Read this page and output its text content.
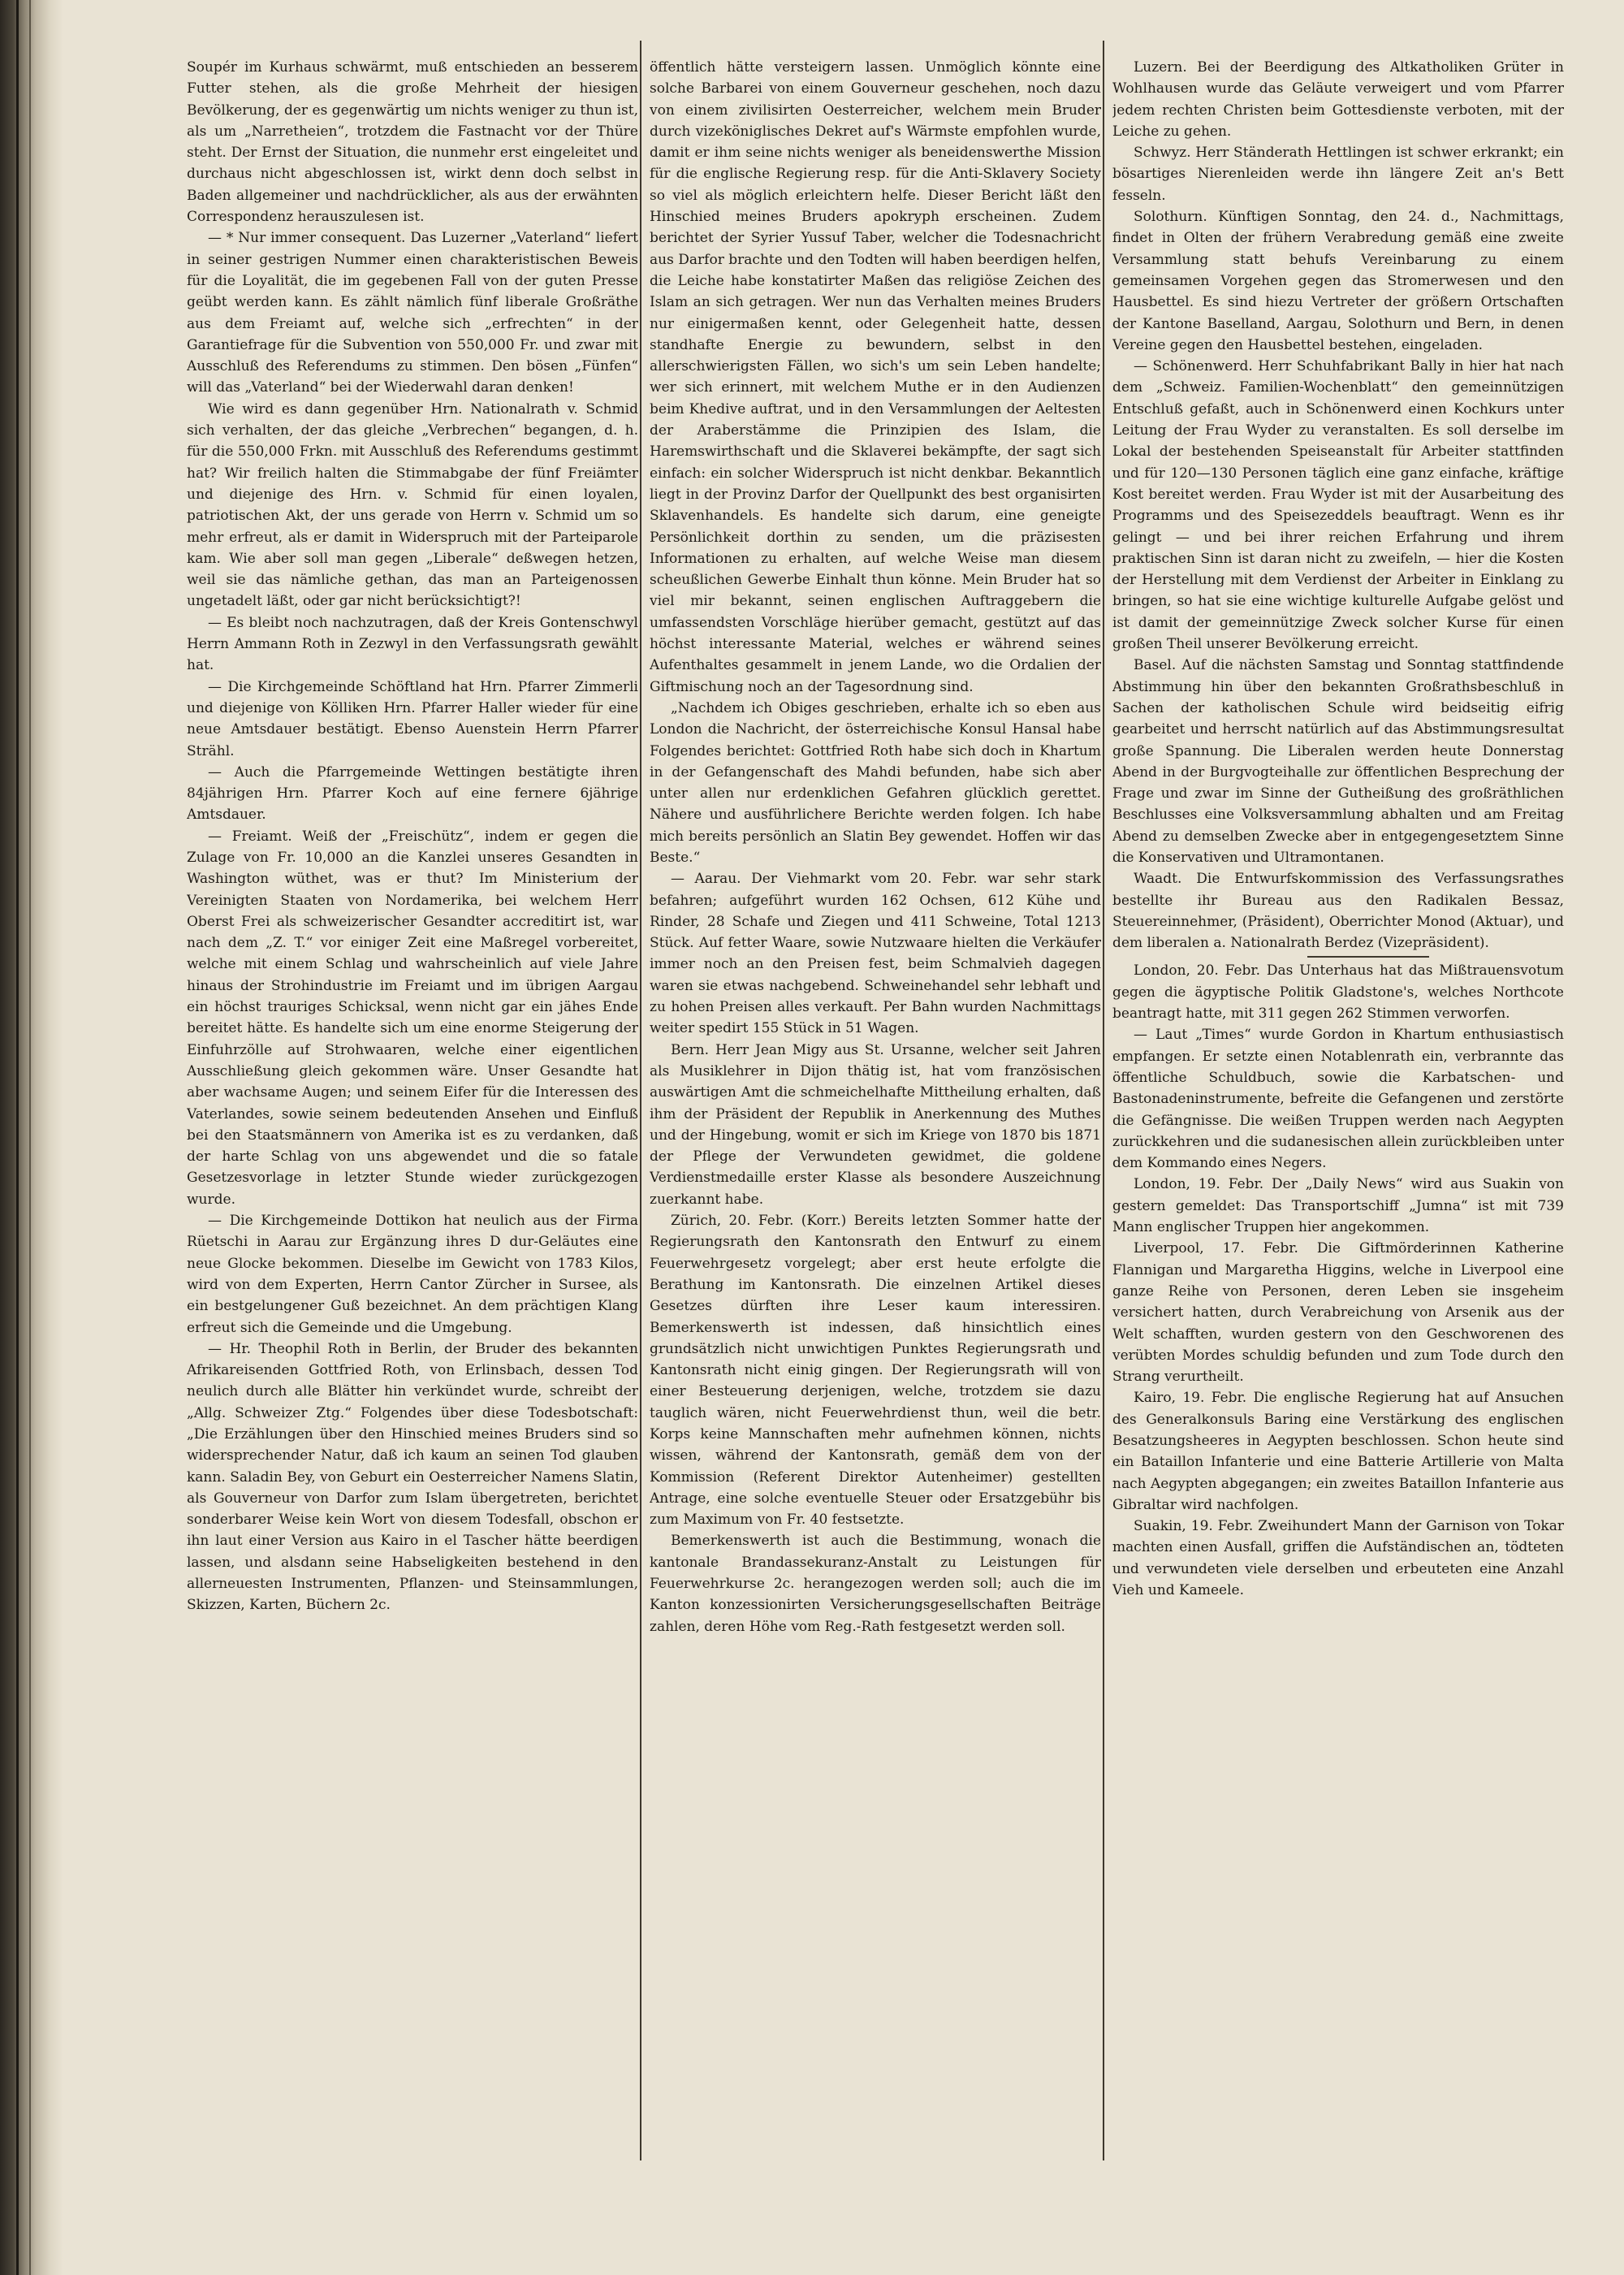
Soupér im Kurhaus schwärmt, muß entschieden an besserem Futter stehen, als die große Mehrheit der hiesigen Bevölkerung, der es gegenwärtig um nichts weniger zu thun ist, als um „Narretheien“, trotzdem die Fastnacht vor der Thüre steht. Der Ernst der Situation, die nunmehr erst eingeleitet und durchaus nicht abgeschlossen ist, wirkt denn doch selbst in Baden allgemeiner und nachdrücklicher, als aus der erwähnten Correspondenz herauszulesen ist.

— * Nur immer consequent. Das Luzerner „Vaterland“ liefert in seiner gestrigen Nummer einen charakteristischen Beweis für die Loyalität, die im gegebenen Fall von der guten Presse geübt werden kann. Es zählt nämlich fünf liberale Großräthe aus dem Freiamt auf, welche sich „erfrechten“ in der Garantiefrage für die Subvention von 550,000 Fr. und zwar mit Ausschluß des Referendums zu stimmen. Den bösen „Fünfen“ will das „Vaterland“ bei der Wiederwahl daran denken!

Wie wird es dann gegenüber Hrn. Nationalrath v. Schmid sich verhalten, der das gleiche „Verbrechen“ begangen, d. h. für die 550,000 Frkn. mit Ausschluß des Referendums gestimmt hat? Wir freilich halten die Stimmabgabe der fünf Freiämter und diejenige des Hrn. v. Schmid für einen loyalen, patriotischen Akt, der uns gerade von Herrn v. Schmid um so mehr erfreut, als er damit in Widerspruch mit der Parteiparole kam. Wie aber soll man gegen „Liberale“ deßwegen hetzen, weil sie das nämliche gethan, das man an Parteigenossen ungetadelt läßt, oder gar nicht berücksichtigt?!

— Es bleibt noch nachzutragen, daß der Kreis Gontenschwyl Herrn Ammann Roth in Zezwyl in den Verfassungsrath gewählt hat.

— Die Kirchgemeinde Schöftland hat Hrn. Pfarrer Zimmerli und diejenige von Kölliken Hrn. Pfarrer Haller wieder für eine neue Amtsdauer bestätigt. Ebenso Auenstein Herrn Pfarrer Strähl.

— Auch die Pfarrgemeinde Wettingen bestätigte ihren 84jährigen Hrn. Pfarrer Koch auf eine fernere 6jährige Amtsdauer.

— Freiamt. Weiß der „Freischütz“, indem er gegen die Zulage von Fr. 10,000 an die Kanzlei unseres Gesandten in Washington wüthet, was er thut? Im Ministerium der Vereinigten Staaten von Nordamerika, bei welchem Herr Oberst Frei als schweizerischer Gesandter accreditirt ist, war nach dem „Z. T.“ vor einiger Zeit eine Maßregel vorbereitet, welche mit einem Schlag und wahrscheinlich auf viele Jahre hinaus der Strohindustrie im Freiamt und im übrigen Aargau ein höchst trauriges Schicksal, wenn nicht gar ein jähes Ende bereitet hätte. Es handelte sich um eine enorme Steigerung der Einfuhrzölle auf Strohwaaren, welche einer eigentlichen Ausschließung gleich gekommen wäre. Unser Gesandte hat aber wachsame Augen; und seinem Eifer für die Interessen des Vaterlandes, sowie seinem bedeutenden Ansehen und Einfluß bei den Staatsmännern von Amerika ist es zu verdanken, daß der harte Schlag von uns abgewendet und die so fatale Gesetzesvorlage in letzter Stunde wieder zurückgezogen wurde.

— Die Kirchgemeinde Dottikon hat neulich aus der Firma Rüetschi in Aarau zur Ergänzung ihres D dur-Geläutes eine neue Glocke bekommen. Dieselbe im Gewicht von 1783 Kilos, wird von dem Experten, Herrn Cantor Zürcher in Sursee, als ein bestgelungener Guß bezeichnet. An dem prächtigen Klang erfreut sich die Gemeinde und die Umgebung.

— Hr. Theophil Roth in Berlin, der Bruder des bekannten Afrikareisenden Gottfried Roth, von Erlinsbach, dessen Tod neulich durch alle Blätter hin verkündet wurde, schreibt der „Allg. Schweizer Ztg.“ Folgendes über diese Todesbotschaft: „Die Erzählungen über den Hinschied meines Bruders sind so widersprechender Natur, daß ich kaum an seinen Tod glauben kann. Saladin Bey, von Geburt ein Oesterreicher Namens Slatin, als Gouverneur von Darfor zum Islam übergetreten, berichtet sonderbarer Weise kein Wort von diesem Todesfall, obschon er ihn laut einer Version aus Kairo in el Tascher hätte beerdigen lassen, und alsdann seine Habseligkeiten bestehend in den allerneuesten Instrumenten, Pflanzen- und Steinsammlungen, Skizzen, Karten, Büchern 2c.

öffentlich hätte versteigern lassen. Unmöglich könnte eine solche Barbarei von einem Gouverneur geschehen, noch dazu von einem zivilisirten Oesterreicher, welchem mein Bruder durch vizeköniglisches Dekret auf's Wärmste empfohlen wurde, damit er ihm seine nichts weniger als beneidenswerthe Mission für die englische Regierung resp. für die Anti-Sklavery Society so viel als möglich erleichtern helfe. Dieser Bericht läßt den Hinschied meines Bruders apokryph erscheinen. Zudem berichtet der Syrier Yussuf Taber, welcher die Todesnachricht aus Darfor brachte und den Todten will haben beerdigen helfen, die Leiche habe konstatirter Maßen das religiöse Zeichen des Islam an sich getragen. Wer nun das Verhalten meines Bruders nur einigermaßen kennt, oder Gelegenheit hatte, dessen standhafte Energie zu bewundern, selbst in den allerschwierigsten Fällen, wo sich's um sein Leben handelte; wer sich erinnert, mit welchem Muthe er in den Audienzen beim Khedive auftrat, und in den Versammlungen der Aeltesten der Araberstämme die Prinzipien des Islam, die Haremswirthschaft und die Sklaverei bekämpfte, der sagt sich einfach: ein solcher Widerspruch ist nicht denkbar. Bekanntlich liegt in der Provinz Darfor der Quellpunkt des best organisirten Sklavenhandels. Es handelte sich darum, eine geneigte Persönlichkeit dorthin zu senden, um die präzisesten Informationen zu erhalten, auf welche Weise man diesem scheußlichen Gewerbe Einhalt thun könne. Mein Bruder hat so viel mir bekannt, seinen englischen Auftraggebern die umfassendsten Vorschläge hierüber gemacht, gestützt auf das höchst interessante Material, welches er während seines Aufenthaltes gesammelt in jenem Lande, wo die Ordalien der Giftmischung noch an der Tagesordnung sind.

„Nachdem ich Obiges geschrieben, erhalte ich so eben aus London die Nachricht, der österreichische Konsul Hansal habe Folgendes berichtet: Gottfried Roth habe sich doch in Khartum in der Gefangenschaft des Mahdi befunden, habe sich aber unter allen nur erdenklichen Gefahren glücklich gerettet. Nähere und ausführlichere Berichte werden folgen. Ich habe mich bereits persönlich an Slatin Bey gewendet. Hoffen wir das Beste.“

— Aarau. Der Viehmarkt vom 20. Febr. war sehr stark befahren; aufgeführt wurden 162 Ochsen, 612 Kühe und Rinder, 28 Schafe und Ziegen und 411 Schweine, Total 1213 Stück. Auf fetter Waare, sowie Nutzwaare hielten die Verkäufer immer noch an den Preisen fest, beim Schmalvieh dagegen waren sie etwas nachgebend. Schweinehandel sehr lebhaft und zu hohen Preisen alles verkauft. Per Bahn wurden Nachmittags weiter spedirt 155 Stück in 51 Wagen.

Bern. Herr Jean Migy aus St. Ursanne, welcher seit Jahren als Musiklehrer in Dijon thätig ist, hat vom französischen auswärtigen Amt die schmeichelhafte Mittheilung erhalten, daß ihm der Präsident der Republik in Anerkennung des Muthes und der Hingebung, womit er sich im Kriege von 1870 bis 1871 der Pflege der Verwundeten gewidmet, die goldene Verdienstmedaille erster Klasse als besondere Auszeichnung zuerkannt habe.

Zürich, 20. Febr. (Korr.) Bereits letzten Sommer hatte der Regierungsrath den Kantonsrath den Entwurf zu einem Feuerwehrgesetz vorgelegt; aber erst heute erfolgte die Berathung im Kantonsrath. Die einzelnen Artikel dieses Gesetzes dürften ihre Leser kaum interessiren. Bemerkenswerth ist indessen, daß hinsichtlich eines grundsätzlich nicht unwichtigen Punktes Regierungsrath und Kantonsrath nicht einig gingen. Der Regierungsrath will von einer Besteuerung derjenigen, welche, trotzdem sie dazu tauglich wären, nicht Feuerwehrdienst thun, weil die betr. Korps keine Mannschaften mehr aufnehmen können, nichts wissen, während der Kantonsrath, gemäß dem von der Kommission (Referent Direktor Autenheimer) gestellten Antrage, eine solche eventuelle Steuer oder Ersatzgebühr bis zum Maximum von Fr. 40 festsetzte.

Bemerkenswerth ist auch die Bestimmung, wonach die kantonale Brandassekuranz-Anstalt zu Leistungen für Feuerwehrkurse 2c. herangezogen werden soll; auch die im Kanton konzessionirten Versicherungsgesellschaften Beiträge zahlen, deren Höhe vom Reg.-Rath festgesetzt werden soll.

Luzern. Bei der Beerdigung des Altkatholiken Grüter in Wohlhausen wurde das Geläute verweigert und vom Pfarrer jedem rechten Christen beim Gottesdienste verboten, mit der Leiche zu gehen.

Schwyz. Herr Ständerath Hettlingen ist schwer erkrankt; ein bösartiges Nierenleiden werde ihn längere Zeit an's Bett fesseln.

Solothurn. Künftigen Sonntag, den 24. d., Nachmittags, findet in Olten der frühern Verabredung gemäß eine zweite Versammlung statt behufs Vereinbarung zu einem gemeinsamen Vorgehen gegen das Stromerwesen und den Hausbettel. Es sind hiezu Vertreter der größern Ortschaften der Kantone Baselland, Aargau, Solothurn und Bern, in denen Vereine gegen den Hausbettel bestehen, eingeladen.

— Schönenwerd. Herr Schuhfabrikant Bally in hier hat nach dem „Schweiz. Familien-Wochenblatt“ den gemeinnützigen Entschluß gefaßt, auch in Schönenwerd einen Kochkurs unter Leitung der Frau Wyder zu veranstalten. Es soll derselbe im Lokal der bestehenden Speiseanstalt für Arbeiter stattfinden und für 120—130 Personen täglich eine ganz einfache, kräftige Kost bereitet werden. Frau Wyder ist mit der Ausarbeitung des Programms und des Speisezeddels beauftragt. Wenn es ihr gelingt — und bei ihrer reichen Erfahrung und ihrem praktischen Sinn ist daran nicht zu zweifeln, — hier die Kosten der Herstellung mit dem Verdienst der Arbeiter in Einklang zu bringen, so hat sie eine wichtige kulturelle Aufgabe gelöst und ist damit der gemeinnützige Zweck solcher Kurse für einen großen Theil unserer Bevölkerung erreicht.

Basel. Auf die nächsten Samstag und Sonntag stattfindende Abstimmung hin über den bekannten Großrathsbeschluß in Sachen der katholischen Schule wird beidseitig eifrig gearbeitet und herrscht natürlich auf das Abstimmungsresultat große Spannung. Die Liberalen werden heute Donnerstag Abend in der Burgvogteihalle zur öffentlichen Besprechung der Frage und zwar im Sinne der Gutheißung des großräthlichen Beschlusses eine Volksversammlung abhalten und am Freitag Abend zu demselben Zwecke aber in entgegengesetztem Sinne die Konservativen und Ultramontanen.

Waadt. Die Entwurfskommission des Verfassungsrathes bestellte ihr Bureau aus den Radikalen Bessaz, Steuereinnehmer, (Präsident), Oberrichter Monod (Aktuar), und dem liberalen a. Nationalrath Berdez (Vizepräsident).

London, 20. Febr. Das Unterhaus hat das Mißtrauensvotum gegen die ägyptische Politik Gladstone's, welches Northcote beantragt hatte, mit 311 gegen 262 Stimmen verworfen.

— Laut „Times“ wurde Gordon in Khartum enthusiastisch empfangen. Er setzte einen Notablenrath ein, verbrannte das öffentliche Schuldbuch, sowie die Karbatschen- und Bastonadeninstrumente, befreite die Gefangenen und zerstörte die Gefängnisse. Die weißen Truppen werden nach Aegypten zurückkehren und die sudanesischen allein zurückbleiben unter dem Kommando eines Negers.

London, 19. Febr. Der „Daily News“ wird aus Suakin von gestern gemeldet: Das Transportschiff „Jumna“ ist mit 739 Mann englischer Truppen hier angekommen.

Liverpool, 17. Febr. Die Giftmörderinnen Katherine Flannigan und Margaretha Higgins, welche in Liverpool eine ganze Reihe von Personen, deren Leben sie insgeheim versichert hatten, durch Verabreichung von Arsenik aus der Welt schafften, wurden gestern von den Geschworenen des verübten Mordes schuldig befunden und zum Tode durch den Strang verurtheilt.

Kairo, 19. Febr. Die englische Regierung hat auf Ansuchen des Generalkonsuls Baring eine Verstärkung des englischen Besatzungsheeres in Aegypten beschlossen. Schon heute sind ein Bataillon Infanterie und eine Batterie Artillerie von Malta nach Aegypten abgegangen; ein zweites Bataillon Infanterie aus Gibraltar wird nachfolgen.

Suakin, 19. Febr. Zweihundert Mann der Garnison von Tokar machten einen Ausfall, griffen die Aufständischen an, tödteten und verwundeten viele derselben und erbeuteten eine Anzahl Vieh und Kameele.
